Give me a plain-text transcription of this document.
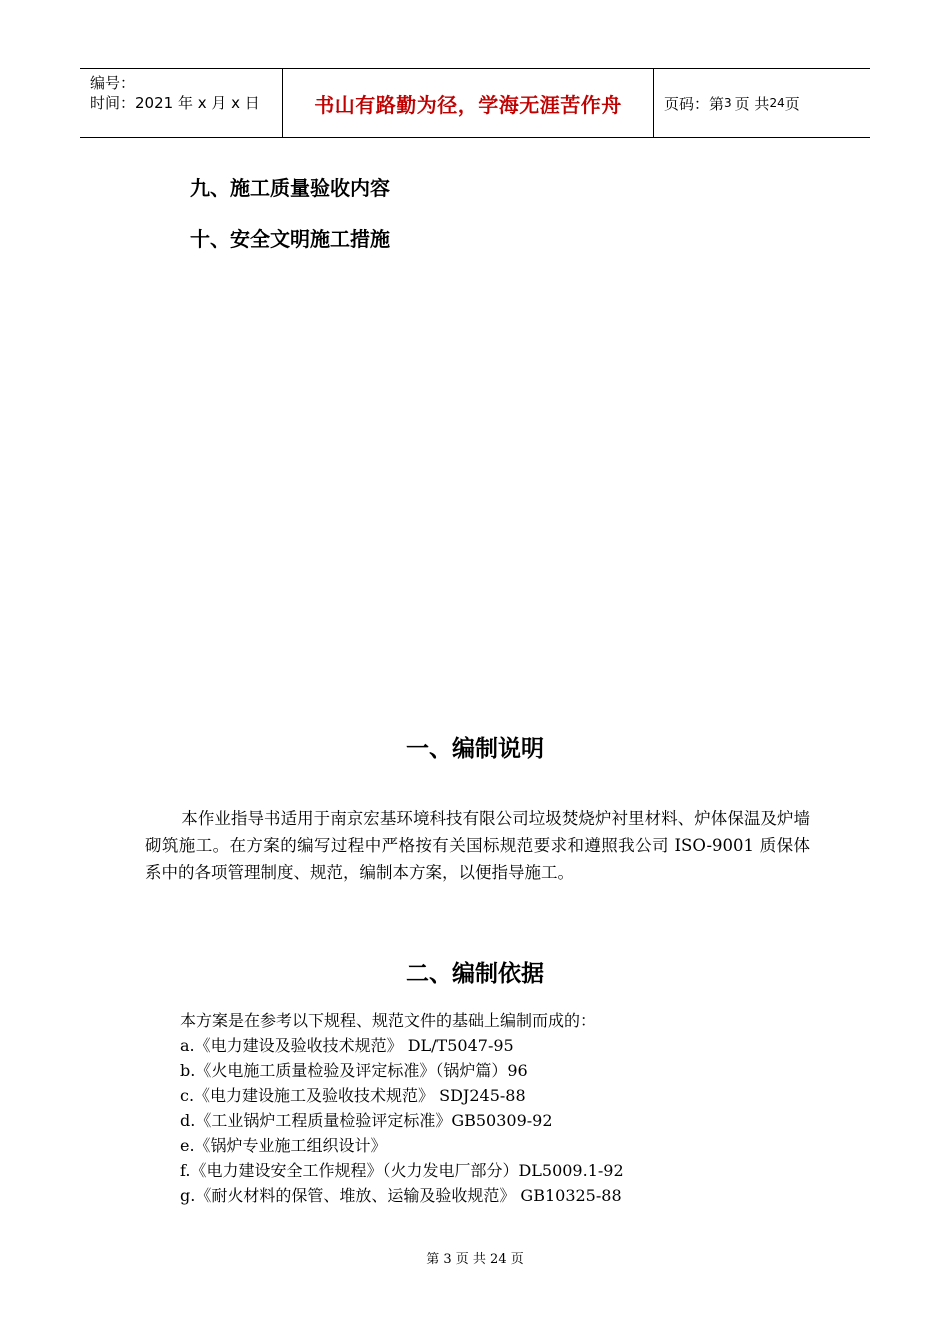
编号：
时间：2021 年 x 月 x 日	书山有路勤为径，学海无涯苦作舟	页码：第 3 页 共 24 页
九、施工质量验收内容
十、安全文明施工措施
一、编制说明
本作业指导书适用于南京宏基环境科技有限公司垃圾焚烧炉衬里材料、炉体保温及炉墙砌筑施工。在方案的编写过程中严格按有关国标规范要求和遵照我公司 ISO-9001 质保体系中的各项管理制度、规范，编制本方案，以便指导施工。
二、编制依据
本方案是在参考以下规程、规范文件的基础上编制而成的：
a.《电力建设及验收技术规范》 DL/T5047-95
b.《火电施工质量检验及评定标准》（锅炉篇）96
c.《电力建设施工及验收技术规范》 SDJ245-88
d.《工业锅炉工程质量检验评定标准》GB50309-92
e.《锅炉专业施工组织设计》
f.《电力建设安全工作规程》（火力发电厂部分）DL5009.1-92
g.《耐火材料的保管、堆放、运输及验收规范》 GB10325-88
第 3 页 共 24 页
